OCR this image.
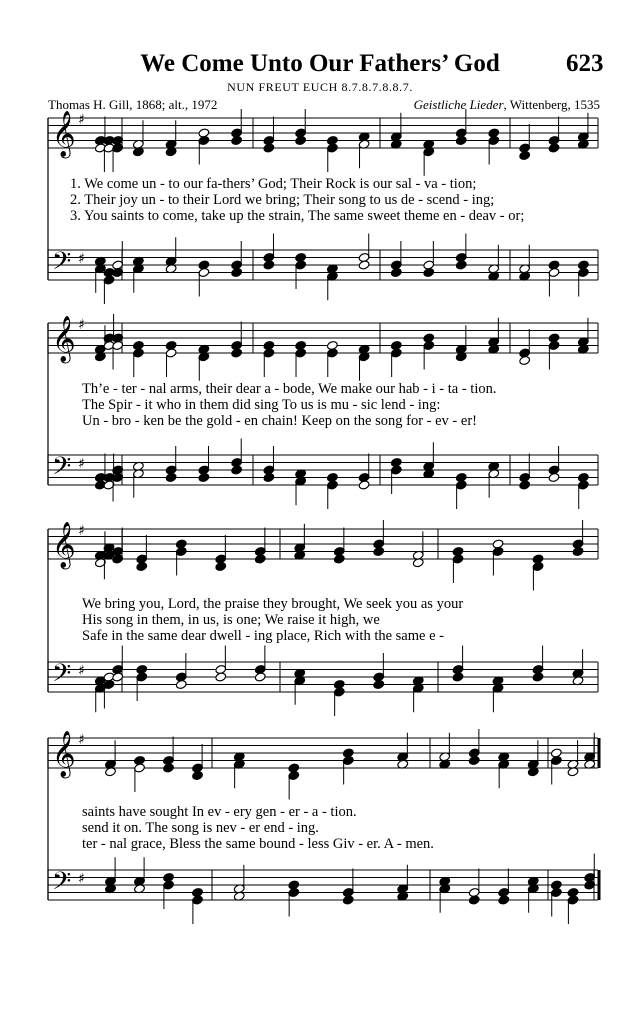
We Come Unto Our Fathers’ God	623
NUN FREUT EUCH 8.7.8.7.8.8.7.
Thomas H. Gill, 1868; alt., 1972	Geistliche Lieder, Wittenberg, 1535
𝄞
𝄢
♯
♯
1. We come un - to our fa-thers’ God; Their Rock is our sal - va - tion;
2. Their joy un - to their Lord we bring; Their song to us de - scend - ing;
3. You saints to come, take up the strain, The same sweet theme en - deav - or;
𝄞
𝄢
♯
♯
Th’e - ter - nal arms, their dear a - bode, We make our hab - i - ta - tion.
The Spir - it who in them did sing To us is mu - sic lend - ing:
Un - bro - ken be the gold - en chain! Keep on the song for - ev - er!
𝄞
𝄢
♯
♯
We bring you, Lord, the praise they brought, We seek you as your
His song in them, in us, is one; We raise it high, we
Safe in the same dear dwell - ing place, Rich with the same e -
𝄞
𝄢
♯
♯
saints have sought In ev - ery gen - er - a - tion.
send it on. The song is nev - er end - ing.
ter - nal grace, Bless the same bound - less Giv - er. A - men.
